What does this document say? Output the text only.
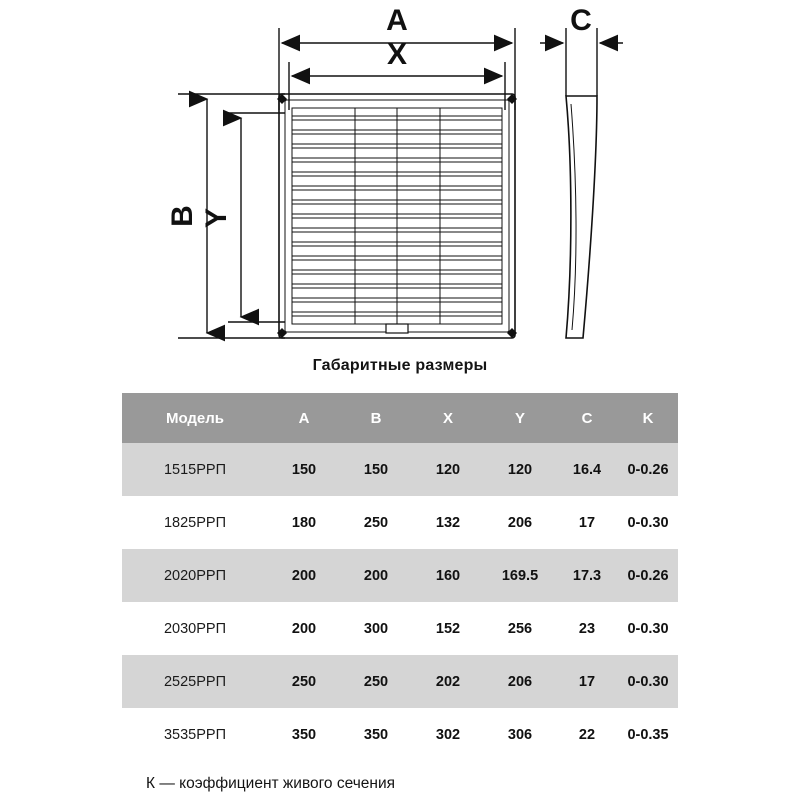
A
X
C
B Y
Габаритные размеры
Модель	A	B	X	Y	C	K
1515РРП	150	150	120	120	16.4	0-0.26
1825РРП	180	250	132	206	17	0-0.30
2020РРП	200	200	160	169.5	17.3	0-0.26
2030РРП	200	300	152	256	23	0-0.30
2525РРП	250	250	202	206	17	0-0.30
3535РРП	350	350	302	306	22	0-0.35
К — коэффициент живого сечения
